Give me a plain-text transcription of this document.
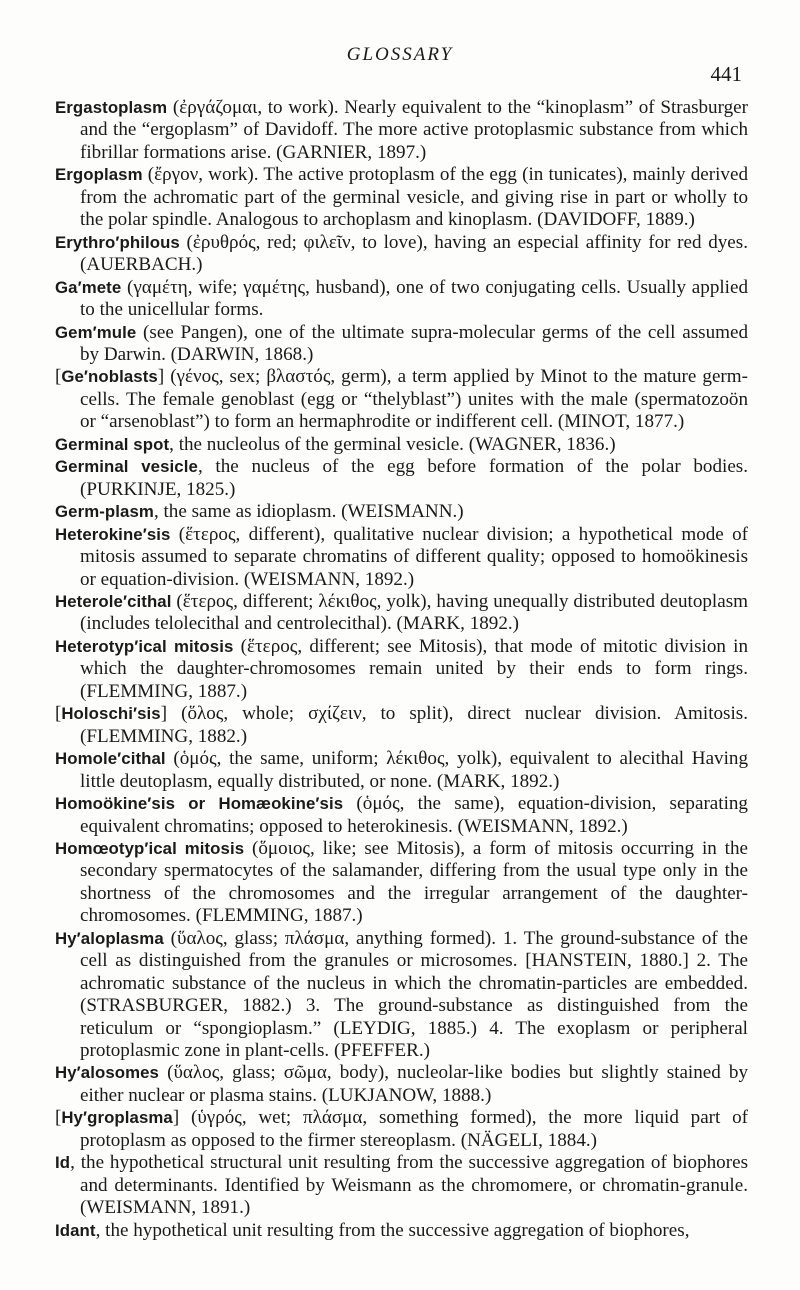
GLOSSARY
441

Ergastoplasm (ἐργάζομαι, to work). Nearly equivalent to the “kinoplasm” of Strasburger and the “ergoplasm” of Davidoff. The more active protoplasmic substance from which fibrillar formations arise. (GARNIER, 1897.)

Ergoplasm (ἔργον, work). The active protoplasm of the egg (in tunicates), mainly derived from the achromatic part of the germinal vesicle, and giving rise in part or wholly to the polar spindle. Analogous to archoplasm and kinoplasm. (DAVIDOFF, 1889.)

Erythro′philous (ἐρυθρός, red; φιλεῖν, to love), having an especial affinity for red dyes. (AUERBACH.)

Ga′mete (γαμέτη, wife; γαμέτης, husband), one of two conjugating cells. Usually applied to the unicellular forms.

Gem′mule (see Pangen), one of the ultimate supra-molecular germs of the cell assumed by Darwin. (DARWIN, 1868.)

[Ge′noblasts] (γένος, sex; βλαστός, germ), a term applied by Minot to the mature germ-cells. The female genoblast (egg or “thelyblast”) unites with the male (spermatozoön or “arsenoblast”) to form an hermaphrodite or indifferent cell. (MINOT, 1877.)

Germinal spot, the nucleolus of the germinal vesicle. (WAGNER, 1836.)

Germinal vesicle, the nucleus of the egg before formation of the polar bodies. (PURKINJE, 1825.)

Germ-plasm, the same as idioplasm. (WEISMANN.)

Heterokine′sis (ἕτερος, different), qualitative nuclear division; a hypothetical mode of mitosis assumed to separate chromatins of different quality; opposed to homoökinesis or equation-division. (WEISMANN, 1892.)

Heterole′cithal (ἕτερος, different; λέκιθος, yolk), having unequally distributed deutoplasm (includes telolecithal and centrolecithal). (MARK, 1892.)

Heterotyp′ical mitosis (ἕτερος, different; see Mitosis), that mode of mitotic division in which the daughter-chromosomes remain united by their ends to form rings. (FLEMMING, 1887.)

[Holoschi′sis] (ὅλος, whole; σχίζειν, to split), direct nuclear division. Amitosis. (FLEMMING, 1882.)

Homole′cithal (ὁμός, the same, uniform; λέκιθος, yolk), equivalent to alecithal Having little deutoplasm, equally distributed, or none. (MARK, 1892.)

Homoökine′sis or Homæokine′sis (ὁμός, the same), equation-division, separating equivalent chromatins; opposed to heterokinesis. (WEISMANN, 1892.)

Homœotyp′ical mitosis (ὅμοιος, like; see Mitosis), a form of mitosis occurring in the secondary spermatocytes of the salamander, differing from the usual type only in the shortness of the chromosomes and the irregular arrangement of the daughter-chromosomes. (FLEMMING, 1887.)

Hy′aloplasma (ὕαλος, glass; πλάσμα, anything formed). 1. The ground-substance of the cell as distinguished from the granules or microsomes. [HANSTEIN, 1880.] 2. The achromatic substance of the nucleus in which the chromatin-particles are embedded. (STRASBURGER, 1882.) 3. The ground-substance as distinguished from the reticulum or “spongioplasm.” (LEYDIG, 1885.) 4. The exoplasm or peripheral protoplasmic zone in plant-cells. (PFEFFER.)

Hy′alosomes (ὕαλος, glass; σῶμα, body), nucleolar-like bodies but slightly stained by either nuclear or plasma stains. (LUKJANOW, 1888.)

[Hy′groplasma] (ὑγρός, wet; πλάσμα, something formed), the more liquid part of protoplasm as opposed to the firmer stereoplasm. (NÄGELI, 1884.)

Id, the hypothetical structural unit resulting from the successive aggregation of biophores and determinants. Identified by Weismann as the chromomere, or chromatin-granule. (WEISMANN, 1891.)

Idant, the hypothetical unit resulting from the successive aggregation of biophores,
